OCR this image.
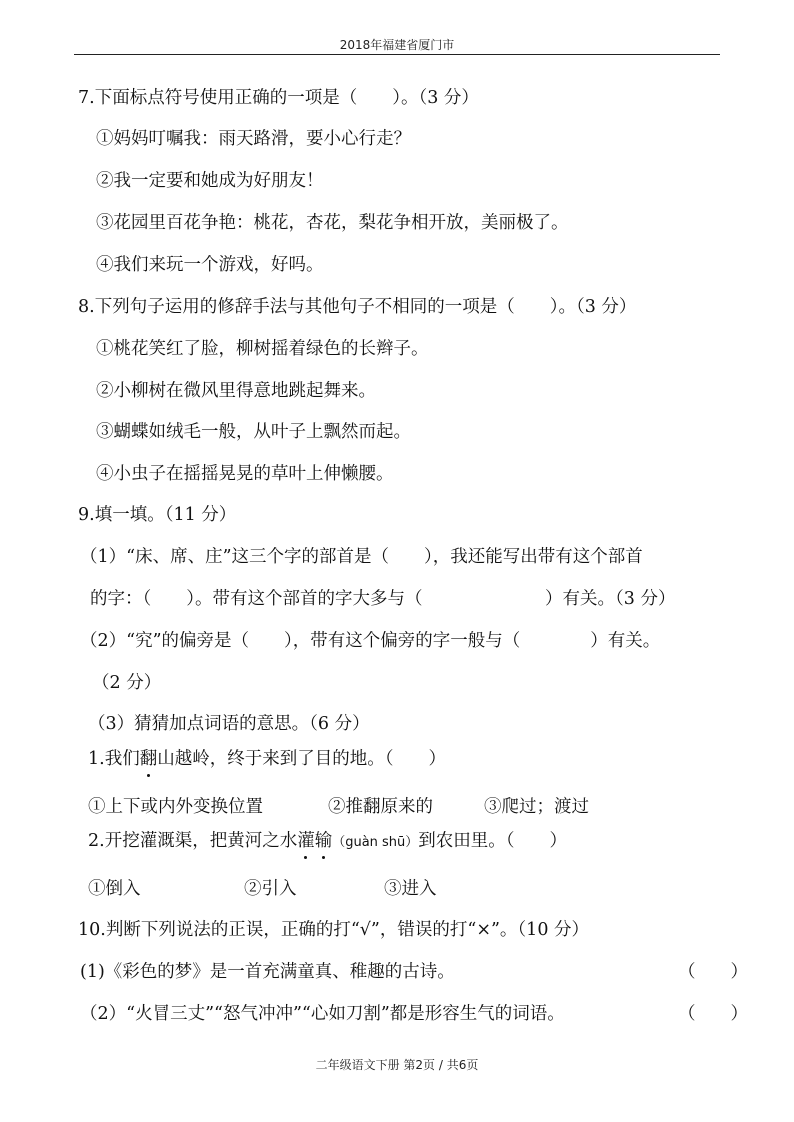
2018年福建省厦门市
7.下面标点符号使用正确的一项是（　　）。（3 分）
①妈妈叮嘱我：雨天路滑，要小心行走？
②我一定要和她成为好朋友！
③花园里百花争艳：桃花，杏花，梨花争相开放，美丽极了。
④我们来玩一个游戏，好吗。
8.下列句子运用的修辞手法与其他句子不相同的一项是（　　）。（3 分）
①桃花笑红了脸，柳树摇着绿色的长辫子。
②小柳树在微风里得意地跳起舞来。
③蝴蝶如绒毛一般，从叶子上飘然而起。
④小虫子在摇摇晃晃的草叶上伸懒腰。
9.填一填。（11 分）
（1）“床、席、庄”这三个字的部首是（　　），我还能写出带有这个部首
的字：（　　）。带有这个部首的字大多与（　　　　　　　）有关。（3 分）
（2）“究”的偏旁是（　　），带有这个偏旁的字一般与（　　　　）有关。
（2 分）
（3）猜猜加点词语的意思。（6 分）
1.我们翻山越岭，终于来到了目的地。（　　）
①上下或内外变换位置	②推翻原来的	③爬过；渡过
2.开挖灌溉渠，把黄河之水灌输（guàn shū）到农田里。（　　）
①倒入	②引入	③进入
10.判断下列说法的正误，正确的打“√”，错误的打“×”。（10 分）
(1)《彩色的梦》是一首充满童真、稚趣的古诗。	（　　）
（2）“火冒三丈”“怒气冲冲”“心如刀割”都是形容生气的词语。	（　　）
二年级语文下册 第2页 / 共6页
